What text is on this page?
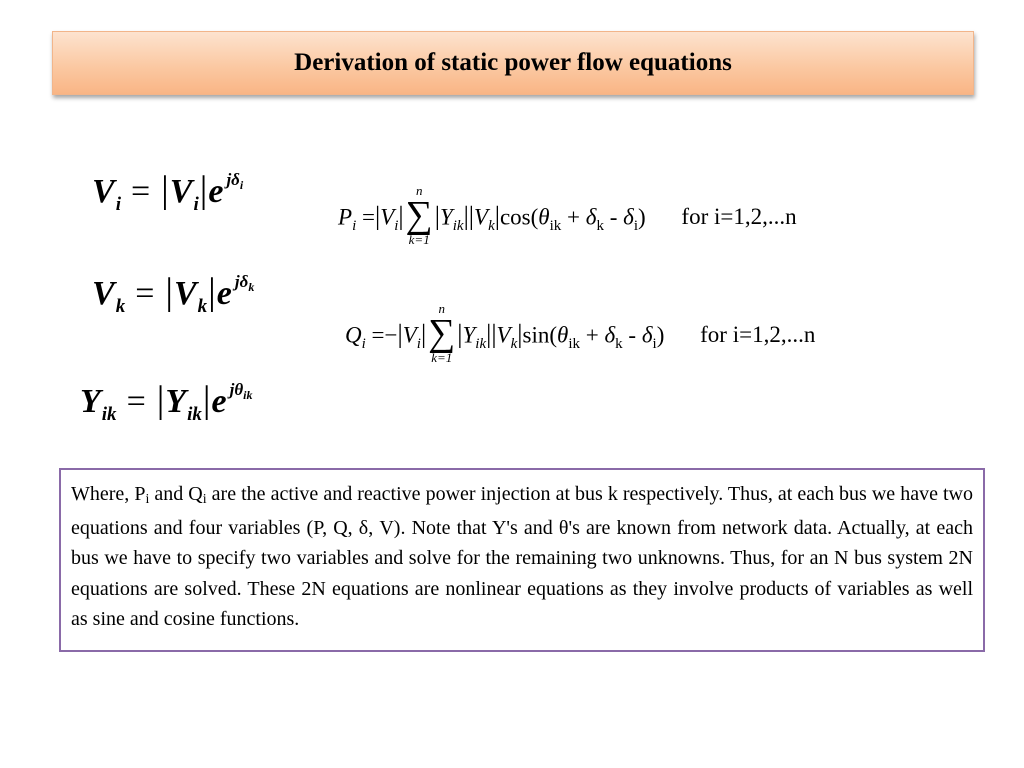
Derivation of static power flow equations
$V_i = |V_i|e$ $^{j\delta i}$
$V_k = |V_k|e$ $^{j\delta k}$
$Y_{ik} = |Y_{ik}|e$ $^{j\theta ik}$
$P_i =|V_i|$
n
∑
k=1
$|Y_{ik}||V_k|\cos(\theta_{ik} + \delta_k - \delta_i)$ for i=1,2,...n
$Q_i =-|V_i|$
n
∑
k=1
$|Y_{ik}||V_k|\sin(\theta_{ik} + \delta_k - \delta_i)$ for i=1,2,...n
Where, Pi and Qi are the active and reactive power injection at bus k respectively. Thus, at each bus we have two equations and four variables (P, Q, δ, V). Note that Y's and θ's are known from network data. Actually, at each bus we have to specify two variables and solve for the remaining two unknowns. Thus, for an N bus system 2N equations are solved. These 2N equations are nonlinear equations as they involve products of variables as well as sine and cosine functions.
